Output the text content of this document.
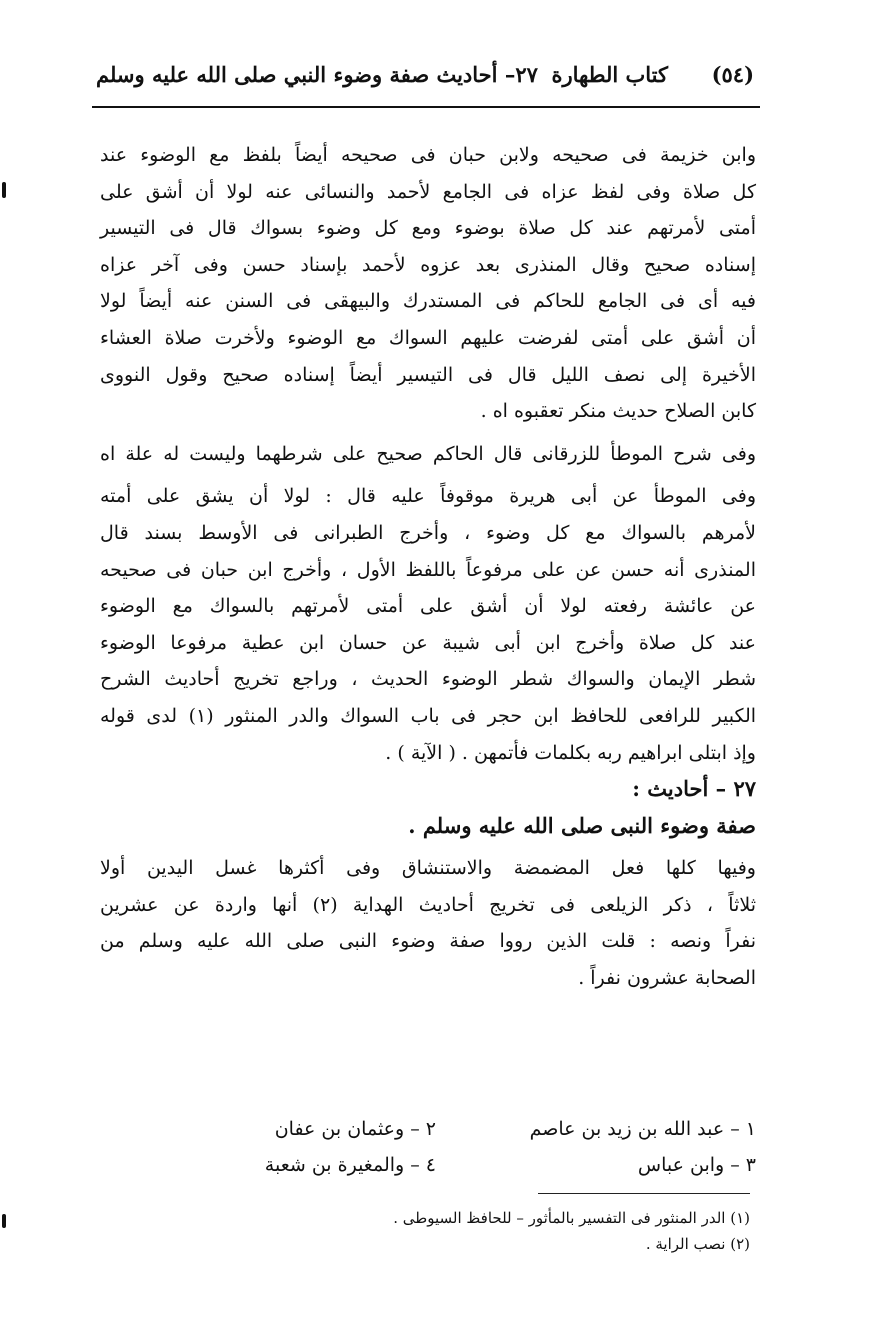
(٥٤)
كتاب الطهارة
٢٧– أحاديث صفة وضوء النبي صلى الله عليه وسلم
وابن خزيمة فى صحيحه ولابن حبان فى صحيحه أيضاً بلفظ مع الوضوء عند
كل صلاة وفى لفظ عزاه فى الجامع لأحمد والنسائى عنه لولا أن أشق على
أمتى لأمرتهم عند كل صلاة بوضوء ومع كل وضوء بسواك قال فى التيسير
إسناده صحيح وقال المنذرى بعد عزوه لأحمد بإسناد حسن وفى آخر عزاه
فيه أى فى الجامع للحاكم فى المستدرك والبيهقى فى السنن عنه أيضاً لولا
أن أشق على أمتى لفرضت عليهم السواك مع الوضوء ولأخرت صلاة العشاء
الأخيرة إلى نصف الليل قال فى التيسير أيضاً إسناده صحيح وقول النووى
كابن الصلاح حديث منكر تعقبوه اه .
وفى شرح الموطأ للزرقانى قال الحاكم صحيح على شرطهما وليست له علة اه
وفى الموطأ عن أبى هريرة موقوفاً عليه قال : لولا أن يشق على أمته
لأمرهم بالسواك مع كل وضوء ، وأخرج الطبرانى فى الأوسط بسند قال
المنذرى أنه حسن عن على مرفوعاً باللفظ الأول ، وأخرج ابن حبان فى صحيحه
عن عائشة رفعته لولا أن أشق على أمتى لأمرتهم بالسواك مع الوضوء
عند كل صلاة وأخرج ابن أبى شيبة عن حسان ابن عطية مرفوعا الوضوء
شطر الإيمان والسواك شطر الوضوء الحديث ، وراجع تخريج أحاديث الشرح
الكبير للرافعى للحافظ ابن حجر فى باب السواك والدر المنثور (١) لدى قوله
وإذ ابتلى ابراهيم ربه بكلمات فأتمهن . ( الآية ) .
٢٧ – أحاديث :
صفة وضوء النبى صلى الله عليه وسلم .
وفيها كلها فعل المضمضة والاستنشاق وفى أكثرها غسل اليدين أولا
ثلاثاً ، ذكر الزيلعى فى تخريج أحاديث الهداية (٢) أنها واردة عن عشرين
نفراً ونصه : قلت الذين رووا صفة وضوء النبى صلى الله عليه وسلم من
الصحابة عشرون نفراً .
١ – عبد الله بن زيد بن عاصم
٢ – وعثمان بن عفان
٣ – وابن عباس
٤ – والمغيرة بن شعبة
(١) الدر المنثور فى التفسير بالمأثور – للحافظ السيوطى .
(٢) نصب الراية .
